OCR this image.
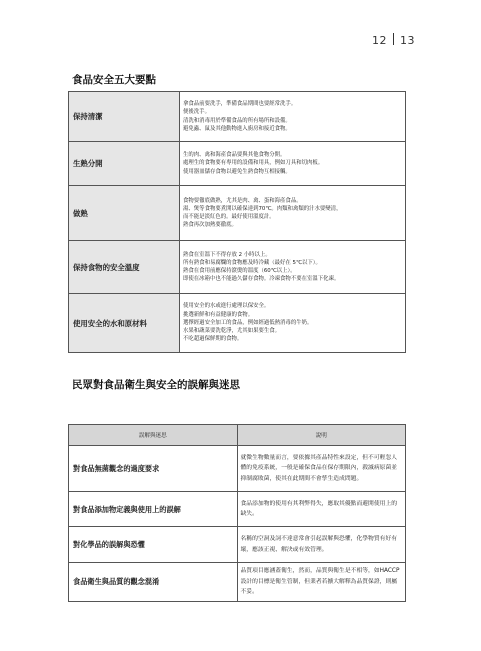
12 13
食品安全五大要點
保持清潔	拿食品前要洗手，準備食品期間也要經常洗手。
便後洗手。
清洗和消毒用於準備食品的所有場所和設備。
避免蟲、鼠及其他動物進入廚房和接近食物。

生熟分開	生的肉、禽和海產食品要與其他食物分開。
處理生的食物要有專用的設備和用具，例如刀具和切肉板。
使用器皿儲存食物以避免生熟食物互相接觸。

做熟	食物要徹底做熟，尤其是肉、禽、蛋和海產食品。
湯、煲等食物要煮開以確保達到70℃。肉類和禽類的汁水要變清，
而不能是淡紅色的。最好使用溫度計。
熟食再次加熱要徹底。

保持食物的安全溫度	熟食在室溫下不得存放 2 小時以上。
所有熟食和易腐爛的食物應及時冷藏（最好在 5℃以下）。
熟食在食用前應保持滾燙的溫度（60℃以上）。
即使在冰箱中也不能過久儲存食物。冷凍食物不要在室溫下化凍。

使用安全的水和原材料	使用安全的水或進行處理以保安全。
挑選新鮮和有益健康的食物。
選擇經過安全加工的食品，例如經過低熱消毒的牛奶。
水果和蔬菜要洗乾淨，尤其如果要生食。
不吃超過保鮮期的食物。
民眾對食品衛生與安全的誤解與迷思
誤解與迷思	說明
對食品無菌觀念的過度要求	就微生物數量而言，要依據其產品特性來設定，但不可輕忽人體的免疫系統，一般是確保食品在保存期限內，殺滅病原菌並抑制腐敗菌，使其在此期間不會孳生造成問題。
對食品添加物定義與使用上的誤解	食品添加物的使用有其利弊得失，應取其優點而避開使用上的缺失。
對化學品的誤解與恐懼	名稱的空洞及詞不達意常會引起誤解與恐懼，化學物質有好有壞，應該正視、解決或有效管理。
食品衛生與品質的觀念混淆	品質項目應涵蓋衛生，然而，品質與衛生是不相等，如HACCP設計的目標是衛生管制，但業者若擴大解釋為品質保證，則屬不妥。
